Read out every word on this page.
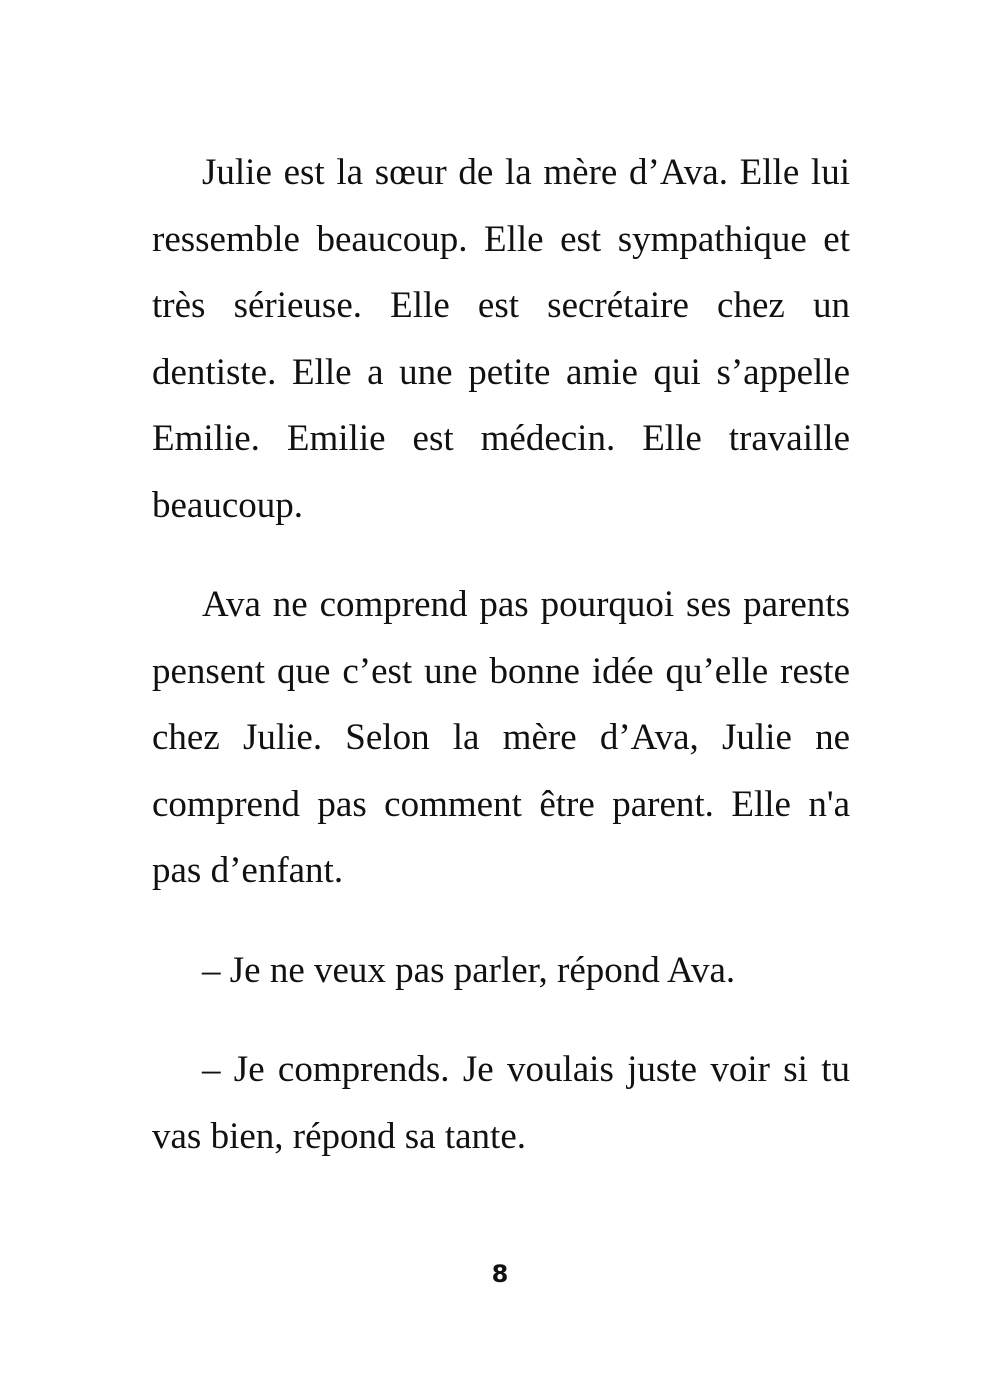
Julie est la sœur de la mère d’Ava. Elle lui ressemble beaucoup. Elle est sympathique et très sérieuse. Elle est secrétaire chez un dentiste. Elle a une petite amie qui s’appelle Emilie. Emilie est médecin. Elle travaille beaucoup.

Ava ne comprend pas pourquoi ses parents pensent que c’est une bonne idée qu’elle reste chez Julie. Selon la mère d’Ava, Julie ne comprend pas comment être parent. Elle n'a pas d’enfant.

– Je ne veux pas parler, répond Ava.

– Je comprends. Je voulais juste voir si tu vas bien, répond sa tante.

8
